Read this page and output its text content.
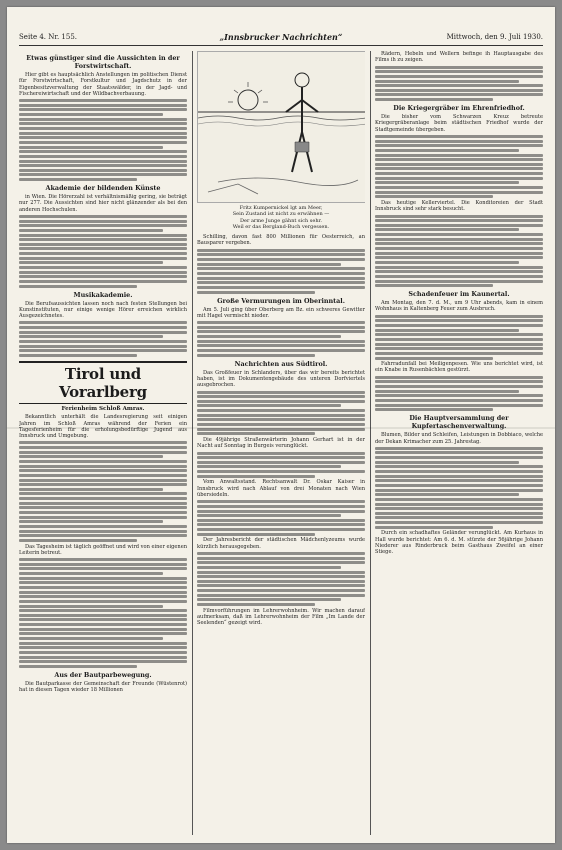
Seite 4. Nr. 155.	„Innsbrucker Nachrichten“	Mittwoch, den 9. Juli 1930.
Etwas günstiger sind die Aussichten in der Forstwirtschaft.

Hier gibt es hauptsächlich Anstellungen im politischen Dienst für Forstwirtschaft, Forstkultur und Jagdschutz in der Eigenbesitzverwaltung der Staatswälder, in der Jagd- und Fischereiwirtschaft und der Wildbachverbauung.

Akademie der bildenden Künste

in Wien. Die Hörerzahl ist verhältnismäßig gering, sie beträgt nur 277. Die Aussichten sind hier nicht glänzender als bei den anderen Hochschulen.

Musikakademie.

Die Berufsaussichten lassen noch nach festen Stellungen bei Kunstinstituten, nur einige wenige Hörer erreichen wirklich Ausgezeichnetes.

Tirol und Vorarlberg
Ferienheim Schloß Amras.

Bekanntlich unterhält die Landesregierung seit einigen Jahren im Schloß Amras während der Ferien ein Tagesferienheim für die erholungsbedürftige Jugend aus Innsbruck und Umgebung.

Das Tagesheim ist täglich geöffnet und wird von einer eigenen Leiterin betreut.

Aus der Bautparbewegung.

Die Bautparkasse der Gemeinschaft der Freunde (Wüstenrot) hat in diesen Tagen wieder 18 Millionen

Fritz Kumpernickel lgt am Meer,
Sein Zustand ist nicht zu erwähnen —
Der arme Junge gähnt sich sehr.
Weil er das Bergland-Buch vergessen.

Schilling, davon fast 800 Millionen für Oesterreich, an Bausparer vergeben.

Große Vermurungen im Oberinntal.

Am 5. Juli ging über Oberberg am Bz. ein schweres Gewitter mit Hagel vermischt nieder.

Nachrichten aus Südtirol.

Das Großfeuer in Schlanders, über das wir bereits berichtet haben, ist im Dokumentengebäude des unteren Dorfviertels ausgebrochen.

Die 49jährige Straßenwärterin Johann Gerhart ist in der Nacht auf Sonntag in Burgeis verunglückt.

Vom Anwaltsstand. Rechtsanwalt Dr. Oskar Kaiser in Innsbruck wird nach Ablauf von drei Monaten nach Wien übersiedeln.

Der Jahresbericht der städtischen Mädchenlyzeums wurde kürzlich herausgegeben.

Filmvorführungen im Lehrerwohnheim. Wir machen darauf aufmerksam, daß im Lehrerwohnheim der Film „Im Lande der Seelenden“ gezeigt wird.

Rädern, Hebeln und Wellern befinge ih Hauptausgabe des Films ih zu zeigen.

Die Kriegergräber im Ehrenfriedhof.

Die bisher vom Schwarzen Kreuz betreute Kriegergräberanlage beim städtischen Friedhof wurde der Stadtgemeinde übergeben.

Das heutige Kellerviertel. Die Konditoreien der Stadt Innsbruck sind sehr stark besucht.

Schadenfeuer im Kaunertal.

Am Montag, den 7. d. M., um 9 Uhr abends, kam in einem Wohnhaus in Kaltenberg Feuer zum Ausbruch.

Fahrradunfall bei Meiligenpesen. Wie uns berichtet wird, ist ein Knabe in Rusenbächlen gestürzt.

Die Hauptversammlung der Kupfertaschenverwaltung.

Blumen, Bilder und Schleifen, Leistungen in Dobbiaco, welche der Dekan Krimacher zum 25. Jahrestag.

Durch ein schadhaftes Geländer verunglückt. Am Kurhaus in Hall wurde berichtet: Am 6. d. M. stürzte der 56jährige Johann Niederer aus Rinderbruck beim Gasthaus Zweifel an einer Stiege.
